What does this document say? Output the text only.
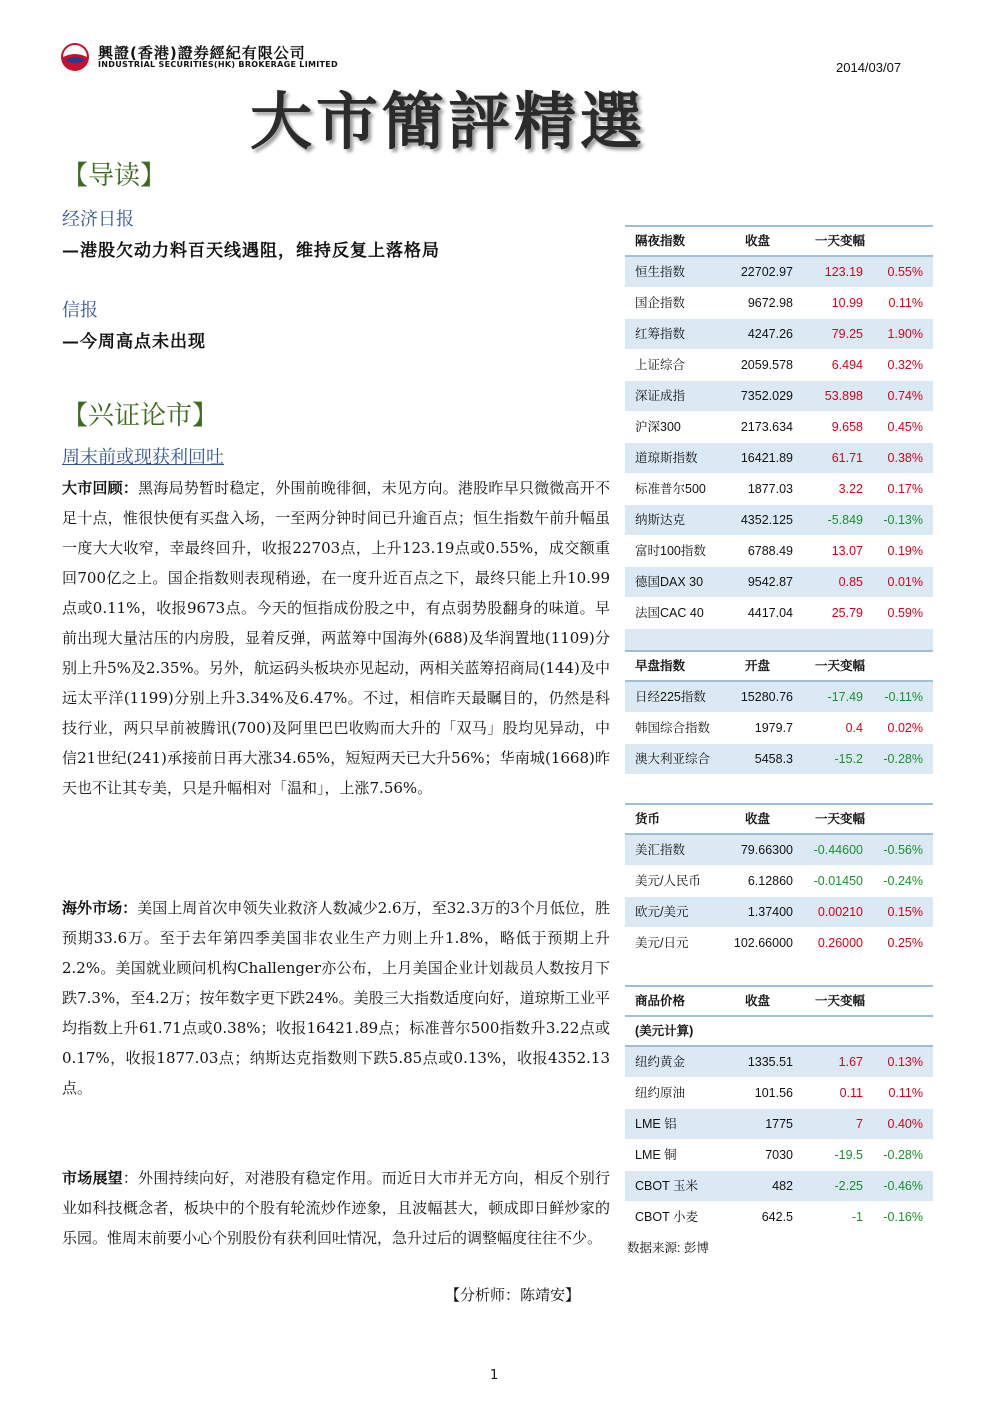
興證(香港)證券經紀有限公司
INDUSTRIAL SECURITIES(HK) BROKERAGE LIMITED	2014/03/07
大市簡評精選
【导读】
经济日报
—港股欠动力料百天线遇阻，维持反复上落格局
信报
—今周高点未出现
【兴证论市】
周末前或现获利回吐
大市回顾：黑海局势暂时稳定，外围前晚徘徊，未见方向。港股昨早只微微高开不足十点，惟很快便有买盘入场，一至两分钟时间已升逾百点；恒生指数午前升幅虽一度大大收窄，幸最终回升，收报22703点，上升123.19点或0.55%，成交额重回700亿之上。国企指数则表现稍逊，在一度升近百点之下，最终只能上升10.99点或0.11%，收报9673点。今天的恒指成份股之中，有点弱势股翻身的味道。早前出现大量沽压的内房股，显着反弹，两蓝筹中国海外(688)及华润置地(1109)分别上升5%及2.35%。另外，航运码头板块亦见起动，两相关蓝筹招商局(144)及中远太平洋(1199)分别上升3.34%及6.47%。不过，相信昨天最瞩目的，仍然是科技行业，两只早前被腾讯(700)及阿里巴巴收购而大升的「双马」股均见异动，中信21世纪(241)承接前日再大涨34.65%，短短两天已大升56%；华南城(1668)昨天也不让其专美，只是升幅相对「温和」，上涨7.56%。
海外市场：美国上周首次申领失业救济人数减少2.6万，至32.3万的3个月低位，胜预期33.6万。至于去年第四季美国非农业生产力则上升1.8%，略低于预期上升2.2%。美国就业顾问机构Challenger亦公布，上月美国企业计划裁员人数按月下跌7.3%，至4.2万；按年数字更下跌24%。美股三大指数适度向好，道琼斯工业平均指数上升61.71点或0.38%；收报16421.89点；标准普尔500指数升3.22点或0.17%，收报1877.03点；纳斯达克指数则下跌5.85点或0.13%，收报4352.13点。
市场展望：外围持续向好，对港股有稳定作用。而近日大市并无方向，相反个别行业如科技概念者，板块中的个股有轮流炒作迹象，且波幅甚大，顿成即日鲜炒家的乐园。惟周末前要小心个别股份有获利回吐情况，急升过后的调整幅度往往不少。
【分析师：陈靖安】
隔夜指数	收盘	一天变幅
恒生指数	22702.97	123.19	0.55%
国企指数	9672.98	10.99	0.11%
红筹指数	4247.26	79.25	1.90%
上证综合	2059.578	6.494	0.32%
深证成指	7352.029	53.898	0.74%
沪深300	2173.634	9.658	0.45%
道琼斯指数	16421.89	61.71	0.38%
标准普尔500	1877.03	3.22	0.17%
纳斯达克	4352.125	-5.849	-0.13%
富时100指数	6788.49	13.07	0.19%
德国DAX 30	9542.87	0.85	0.01%
法国CAC 40	4417.04	25.79	0.59%
早盘指数	开盘	一天变幅
日经225指数	15280.76	-17.49	-0.11%
韩国综合指数	1979.7	0.4	0.02%
澳大利亚综合	5458.3	-15.2	-0.28%
货币	收盘	一天变幅
美汇指数	79.66300	-0.44600	-0.56%
美元/人民币	6.12860	-0.01450	-0.24%
欧元/美元	1.37400	0.00210	0.15%
美元/日元	102.66000	0.26000	0.25%
商品价格	收盘	一天变幅
(美元计算)
纽约黄金	1335.51	1.67	0.13%
纽约原油	101.56	0.11	0.11%
LME 铝	1775	7	0.40%
LME 铜	7030	-19.5	-0.28%
CBOT 玉米	482	-2.25	-0.46%
CBOT 小麦	642.5	-1	-0.16%
数据来源: 彭博
1
